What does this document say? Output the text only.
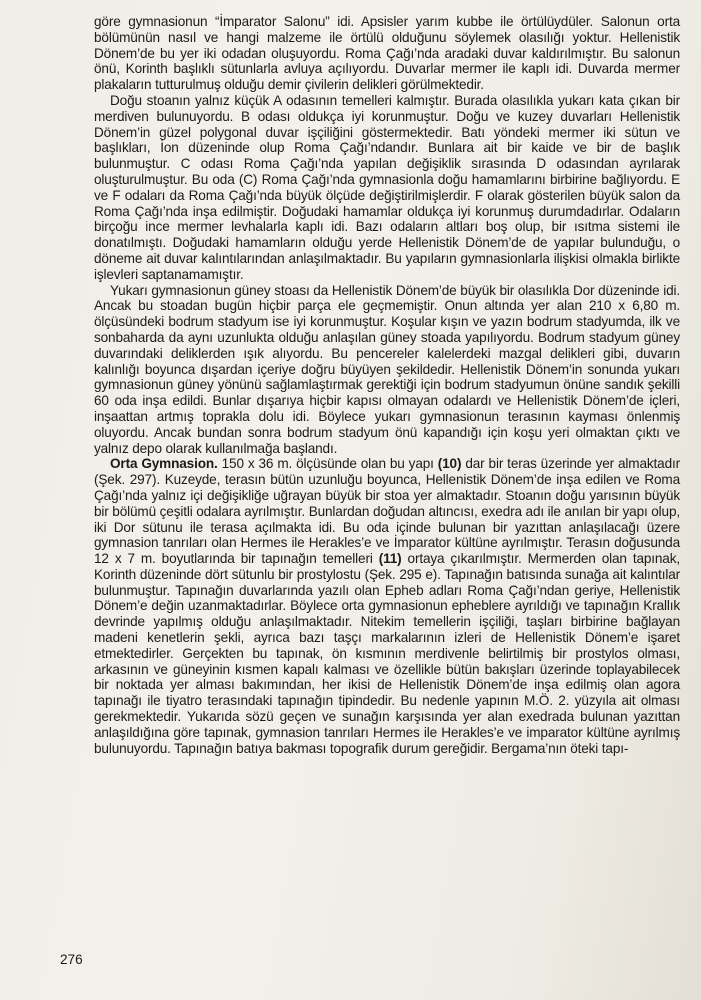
göre gymnasionun “İmparator Salonu” idi. Apsisler yarım kubbe ile örtülüydüler. Salonun orta bölümünün nasıl ve hangi malzeme ile örtülü olduğunu söylemek olasılığı yoktur. Hellenistik Dönem’de bu yer iki odadan oluşuyordu. Roma Çağı’nda aradaki duvar kaldırılmıştır. Bu salonun önü, Korinth başlıklı sütunlarla avluya açılıyordu. Duvarlar mermer ile kaplı idi. Duvarda mermer plakaların tutturulmuş olduğu demir çivilerin delikleri görülmektedir.

Doğu stoanın yalnız küçük A odasının temelleri kalmıştır. Burada olasılıkla yukarı kata çıkan bir merdiven bulunuyordu. B odası oldukça iyi korunmuştur. Doğu ve kuzey duvarları Hellenistik Dönem’in güzel polygonal duvar işçiliğini göstermektedir. Batı yöndeki mermer iki sütun ve başlıkları, İon düzeninde olup Roma Çağı’ndandır. Bunlara ait bir kaide ve bir de başlık bulunmuştur. C odası Roma Çağı’nda yapılan değişiklik sırasında D odasından ayrılarak oluşturulmuştur. Bu oda (C) Roma Çağı’nda gymnasionla doğu hamamlarını birbirine bağlıyordu. E ve F odaları da Roma Çağı’nda büyük ölçüde değiştirilmişlerdir. F olarak gösterilen büyük salon da Roma Çağı’nda inşa edilmiştir. Doğudaki hamamlar oldukça iyi korunmuş durumdadırlar. Odaların birçoğu ince mermer levhalarla kaplı idi. Bazı odaların altları boş olup, bir ısıtma sistemi ile donatılmıştı. Doğudaki hamamların olduğu yerde Hellenistik Dönem’de de yapılar bulunduğu, o döneme ait duvar kalıntılarından anlaşılmaktadır. Bu yapıların gymnasionlarla ilişkisi olmakla birlikte işlevleri saptanamamıştır.

Yukarı gymnasionun güney stoası da Hellenistik Dönem’de büyük bir olasılıkla Dor düzeninde idi. Ancak bu stoadan bugün hiçbir parça ele geçmemiştir. Onun altında yer alan 210 x 6,80 m. ölçüsündeki bodrum stadyum ise iyi korunmuştur. Koşular kışın ve yazın bodrum stadyumda, ilk ve sonbaharda da aynı uzunlukta olduğu anlaşılan güney stoada yapılıyordu. Bodrum stadyum güney duvarındaki deliklerden ışık alıyordu. Bu pencereler kalelerdeki mazgal delikleri gibi, duvarın kalınlığı boyunca dışardan içeriye doğru büyüyen şekildedir. Hellenistik Dönem’in sonunda yukarı gymnasionun güney yönünü sağlamlaştırmak gerektiği için bodrum stadyumun önüne sandık şekilli 60 oda inşa edildi. Bunlar dışarıya hiçbir kapısı olmayan odalardı ve Hellenistik Dönem’de içleri, inşaattan artmış toprakla dolu idi. Böylece yukarı gymnasionun terasının kayması önlenmiş oluyordu. Ancak bundan sonra bodrum stadyum önü kapandığı için koşu yeri olmaktan çıktı ve yalnız depo olarak kullanılmağa başlandı.

Orta Gymnasion. 150 x 36 m. ölçüsünde olan bu yapı (10) dar bir teras üzerinde yer almaktadır (Şek. 297). Kuzeyde, terasın bütün uzunluğu boyunca, Hellenistik Dönem’de inşa edilen ve Roma Çağı’nda yalnız içi değişikliğe uğrayan büyük bir stoa yer almaktadır. Stoanın doğu yarısının büyük bir bölümü çeşitli odalara ayrılmıştır. Bunlardan doğudan altıncısı, exedra adı ile anılan bir yapı olup, iki Dor sütunu ile terasa açılmakta idi. Bu oda içinde bulunan bir yazıttan anlaşılacağı üzere gymnasion tanrıları olan Hermes ile Herakles’e ve İmparator kültüne ayrılmıştır. Terasın doğusunda 12 x 7 m. boyutlarında bir tapınağın temelleri (11) ortaya çıkarılmıştır. Mermerden olan tapınak, Korinth düzeninde dört sütunlu bir prostylostu (Şek. 295 e). Tapınağın batısında sunağa ait kalıntılar bulunmuştur. Tapınağın duvarlarında yazılı olan Epheb adları Roma Çağı’ndan geriye, Hellenistik Dönem’e değin uzanmaktadırlar. Böylece orta gymnasionun epheblere ayrıldığı ve tapınağın Krallık devrinde yapılmış olduğu anlaşılmaktadır. Nitekim temellerin işçiliği, taşları birbirine bağlayan madeni kenetlerin şekli, ayrıca bazı taşçı markalarının izleri de Hellenistik Dönem’e işaret etmektedirler. Gerçekten bu tapınak, ön kısmının merdivenle belirtilmiş bir prostylos olması, arkasının ve güneyinin kısmen kapalı kalması ve özellikle bütün bakışları üzerinde toplayabilecek bir noktada yer alması bakımından, her ikisi de Hellenistik Dönem’de inşa edilmiş olan agora tapınağı ile tiyatro terasındaki tapınağın tipindedir. Bu nedenle yapının M.Ö. 2. yüzyıla ait olması gerekmektedir. Yukarıda sözü geçen ve sunağın karşısında yer alan exedrada bulunan yazıttan anlaşıldığına göre tapınak, gymnasion tanrıları Hermes ile Herakles’e ve imparator kültüne ayrılmış bulunuyordu. Tapınağın batıya bakması topografik durum gereğidir. Bergama’nın öteki tapı-

276
